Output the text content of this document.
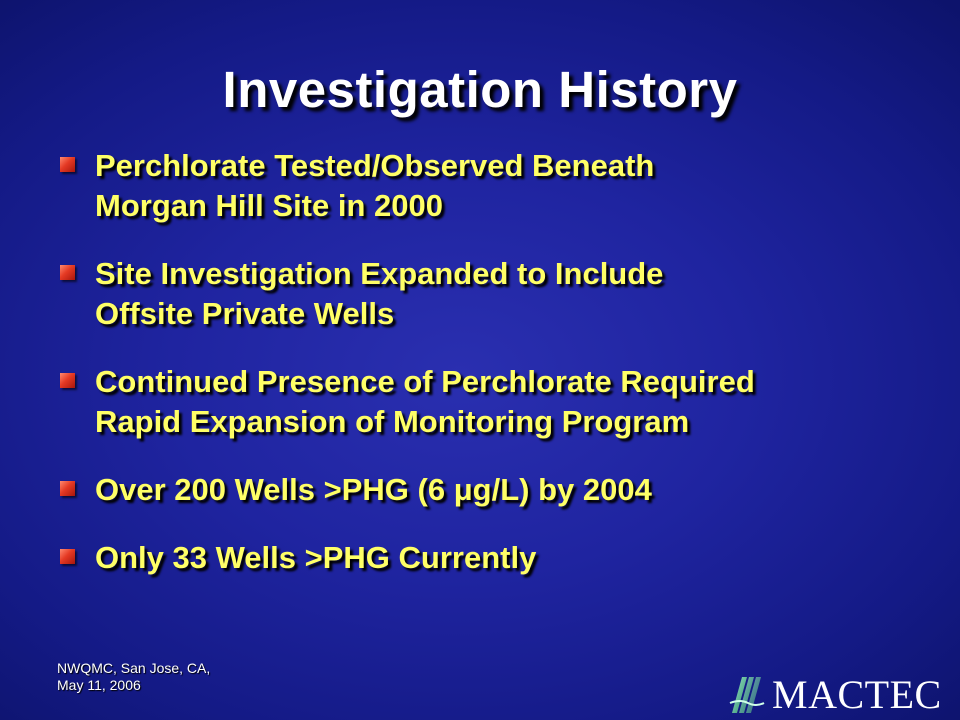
Investigation History
Perchlorate Tested/Observed Beneath
Morgan Hill Site in 2000
Site Investigation Expanded to Include
Offsite Private Wells
Continued Presence of Perchlorate Required
Rapid Expansion of Monitoring Program
Over 200 Wells >PHG (6 μg/L) by 2004
Only 33 Wells >PHG Currently
NWQMC, San Jose, CA,
May 11, 2006	MACTEC
